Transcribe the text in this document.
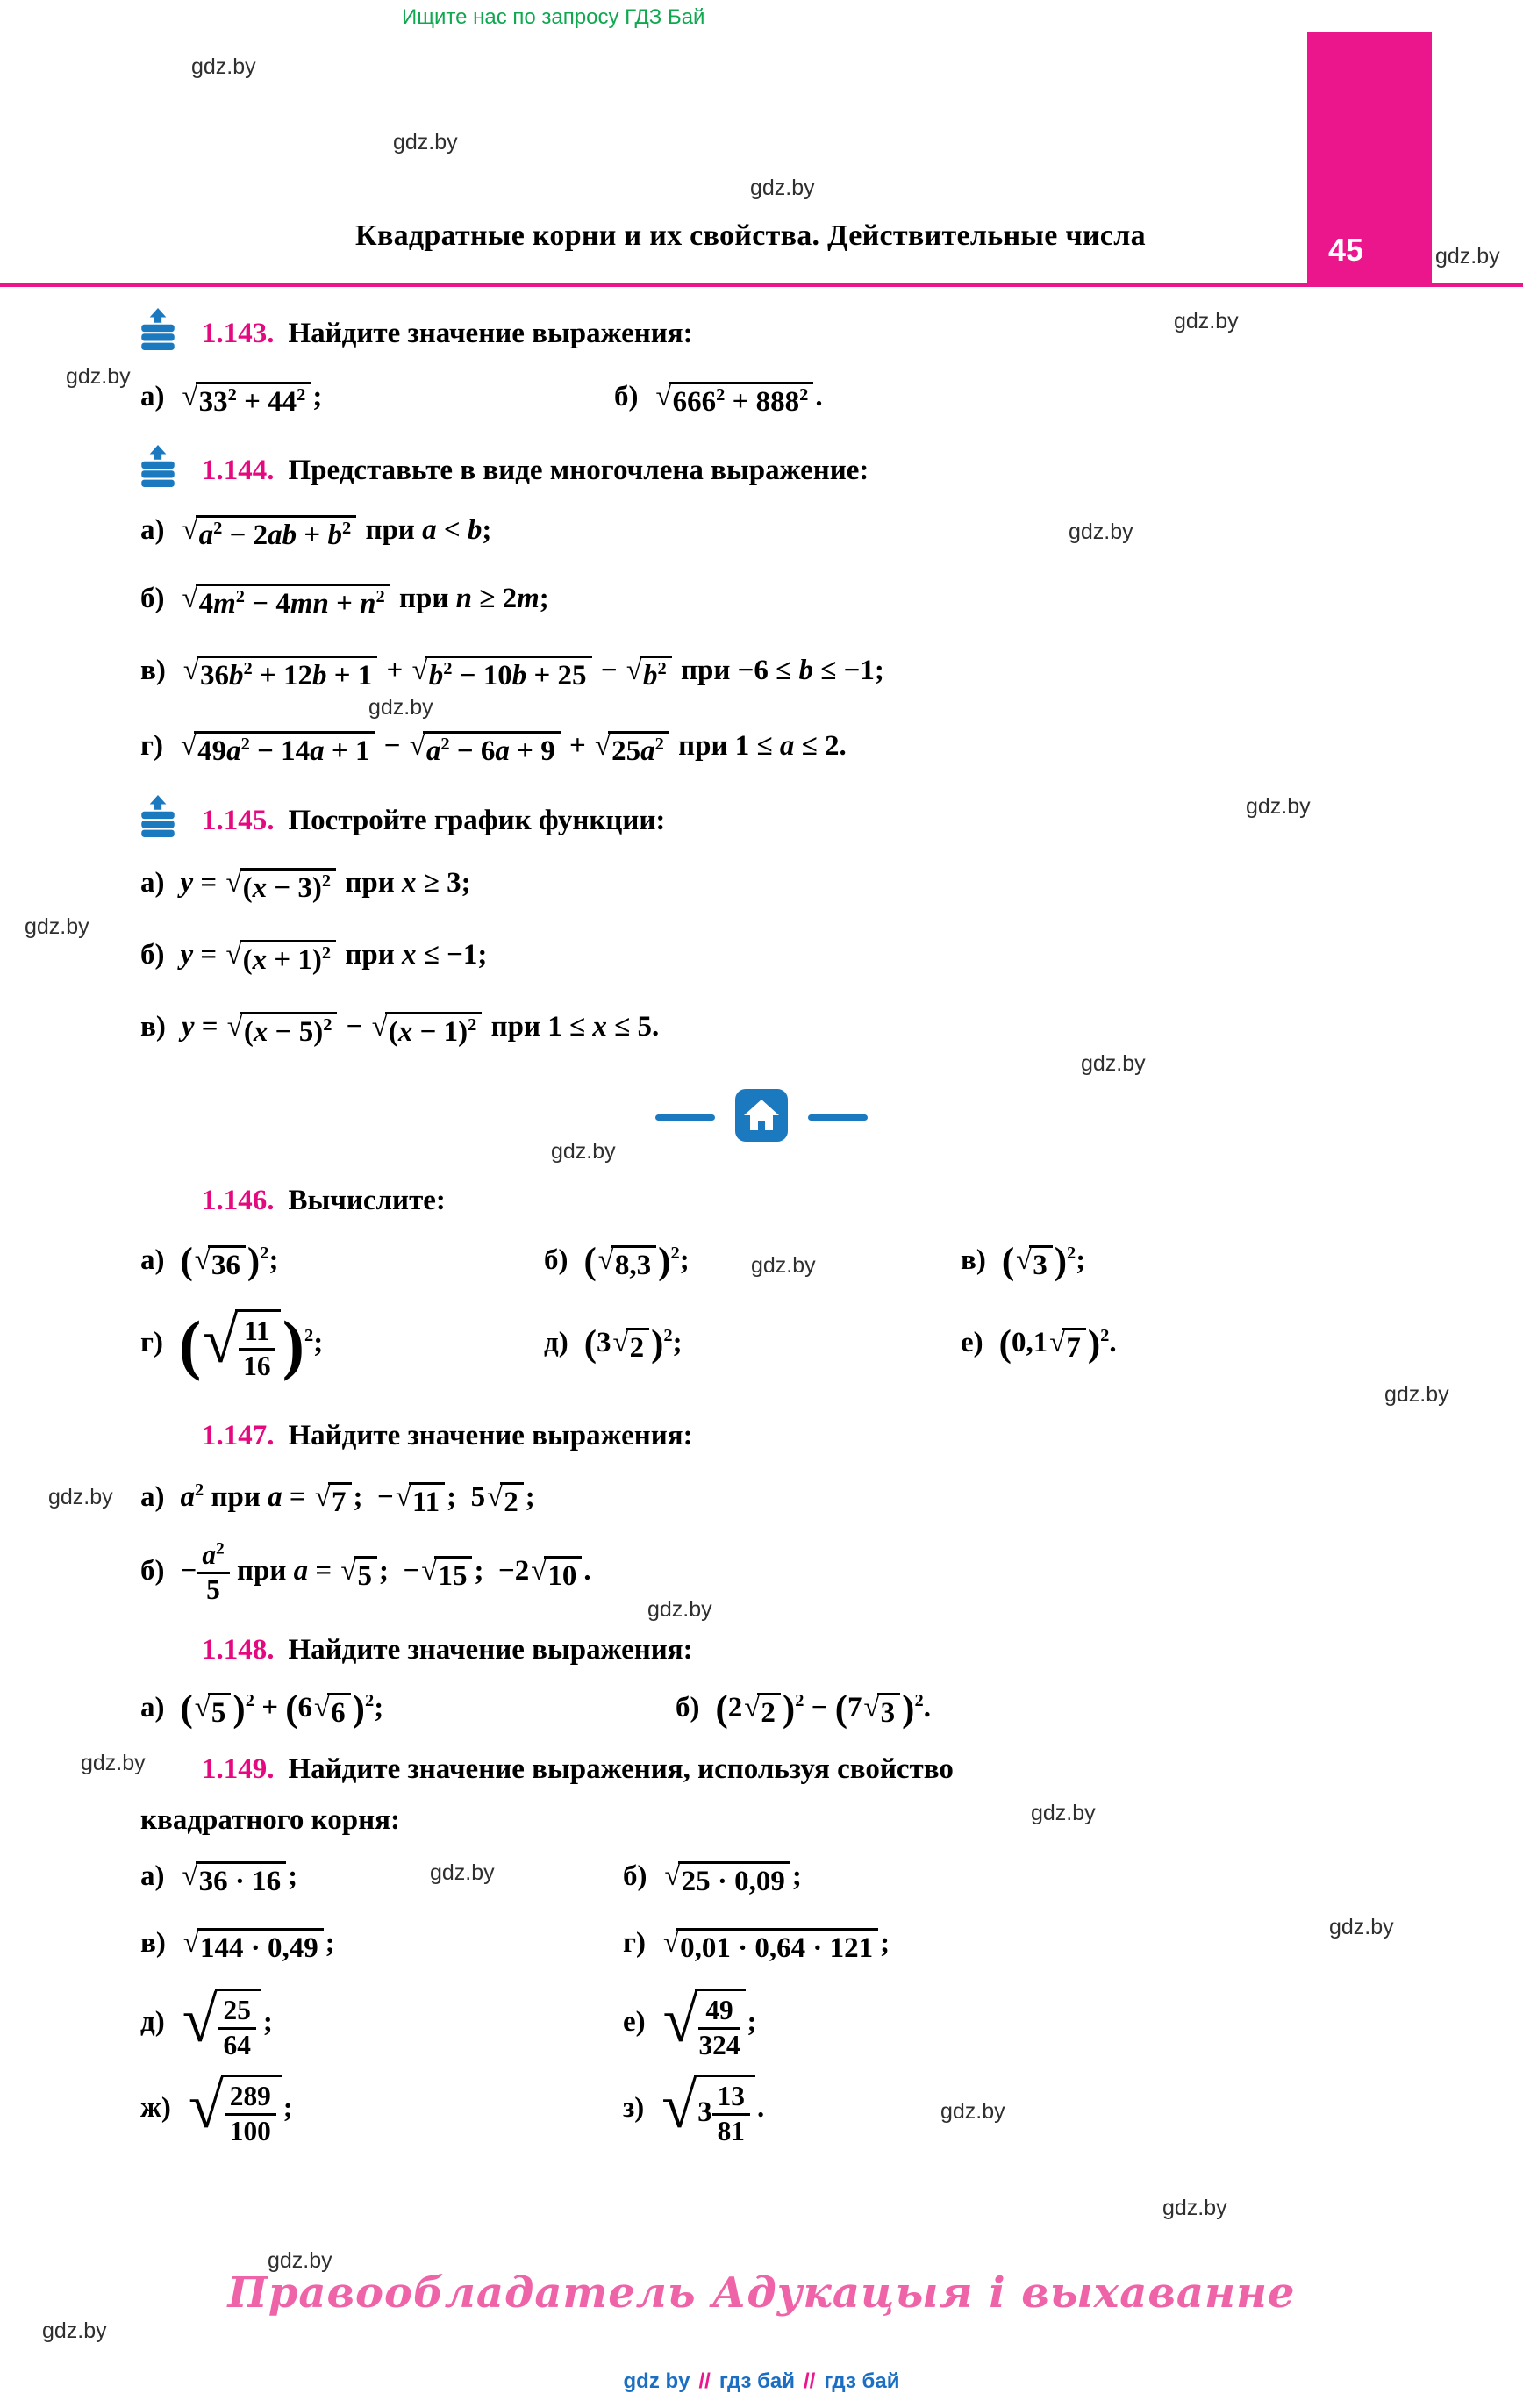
Ищите нас по запросу ГДЗ Бай
Квадратные корни и их свойства. Действительные числа	45
1.143. Найдите значение выражения:
а) √ $33^2 + 44^2$ ;	б) √ $666^2 + 888^2$ .
1.144. Представьте в виде многочлена выражение:
а) √ $a^2 - 2ab + b^2$ при a < b;
б) √ $4m^2 - 4mn + n^2$ при n ≥ 2m;
в) √ $36b^2 + 12b + 1$ + √ $b^2 - 10b + 25$ − √ $b^2$ при −6 ≤ b ≤ −1;
г) √ $49a^2 - 14a + 1$ − √ $a^2 - 6a + 9$ + √ $25a^2$ при 1 ≤ a ≤ 2.
1.145. Постройте график функции:
а) y = √ $(x - 3)^2$ при x ≥ 3;
б) y = √ $(x + 1)^2$ при x ≤ −1;
в) y = √ $(x - 5)^2$ − √ $(x - 1)^2$ при 1 ≤ x ≤ 5.
1.146. Вычислите:
а) ( √ 36 )$^2$;	б) ( √ 8,3 )$^2$;	в) ( √ 3 )$^2$;
г) ( √ $\frac{11}{16} )^2$;	д) (3 √ 2 )$^2$;	е) (0,1 √ 7 )$^2$.
1.147. Найдите значение выражения:
а) $a^2$ при a = √ 7 ;  − √ 11 ;  5 √ 2 ;
$б) - \frac{a^2}{5}$ при a = √ 5 ;  − √ 15 ;  −2 √ 10 .
1.148. Найдите значение выражения:
а) ( √ 5 )$^2$ + (6 √ 6 )$^2$;	б) (2 √ 2 )$^2$ − (7 √ 3 )$^2$.
1.149. Найдите значение выражения, используя свойство
квадратного корня:
а) √ 36 · 16 ;	б) √ 25 · 0,09 ;
в) √ 144 · 0,49 ;	г) √ 0,01 · 0,64 · 121 ;
д) √ $\frac{25}{64}$ ;	е) √ $\frac{49}{324}$ ;
ж) √ $\frac{289}{100}$ ;	з) √ $3 \frac{13}{81}$ .
Правообладатель Адукацыя і выхаванне
gdz by // гдз бай // гдз бай
gdz.by
gdz.by
gdz.by
gdz.by
gdz.by
gdz.by
gdz.by
gdz.by
gdz.by
gdz.by
gdz.by
gdz.by
gdz.by
gdz.by
gdz.by
gdz.by
gdz.by
gdz.by
gdz.by
gdz.by
gdz.by
gdz.by
gdz.by
gdz.by
